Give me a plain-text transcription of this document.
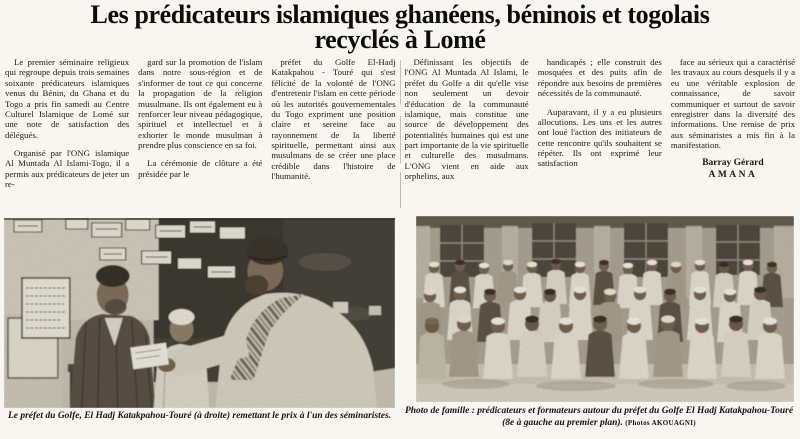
Les prédicateurs islamiques ghanéens, béninois et togolais
recyclés à Lomé

Le premier séminaire religieux qui regroupe depuis trois semaines soixante prédicateurs islamiques venus du Bénin, du Ghana et du Togo a pris fin samedi au Centre Culturel Islamique de Lomé sur une note de satisfaction des délégués.

Organisé par l'ONG islamique Al Muntada Al Islami-Togo, il a permis aux prédicateurs de jeter un re-

gard sur la promotion de l'islam dans notre sous-région et de s'informer de tout ce qui concerne la propagation de la religion musulmane. Ils ont également eu à renforcer leur niveau pédagogique, spirituel et intellectuel et à exhorter le monde musulman à prendre plus conscience en sa foi.

La cérémonie de clôture a été présidée par le

préfet du Golfe El-Hadj Katakpahou - Touré qui s'est félicité de la volonté de l'ONG d'entretenir l'islam en cette période où les autorités gouvernementales du Togo expriment une position claire et sereine face au rayonnement de la liberté spirituelle, permettant ainsi aux musulmans de se créer une place crédible dans l'histoire de l'humanité.

Définissant les objectifs de l'ONG Al Muntada Al Islami, le préfet du Golfe a dit qu'elle vise non seulement un devoir d'éducation de la communauté islamique, mais constitue une source de développement des potentialités humaines qui est une part importante de la vie spirituelle et culturelle des musulmans. L'ONG vient en aide aux orphelins, aux

handicapés ; elle construit des mosquées et des puits afin de répondre aux besoins de premières nécessités de la communauté.

Auparavant, il y a eu plusieurs allocutions. Les uns et les autres ont loué l'action des initiateurs de cette rencontre qu'ils souhaitent se répéter. Ils ont exprimé leur satisfaction

face au sérieux qui a caractérisé les travaux au cours desquels il y a eu une véritable explosion de connaissance, de savoir communiquer et surtout de savoir enregistrer dans la diversité des informations. Une remise de prix aux séminaristes a mis fin à la manifestation.

Barray Gérard
AMANA
Le préfet du Golfe, El Hadj Katakpahou-Touré (à droite) remettant le prix à l'un des séminaristes.	Photo de famille : prédicateurs et formateurs autour du préfet du Golfe El Hadj Katakpahou-Touré (8e à gauche au premier plan). (Photos AKOUAGNI)
